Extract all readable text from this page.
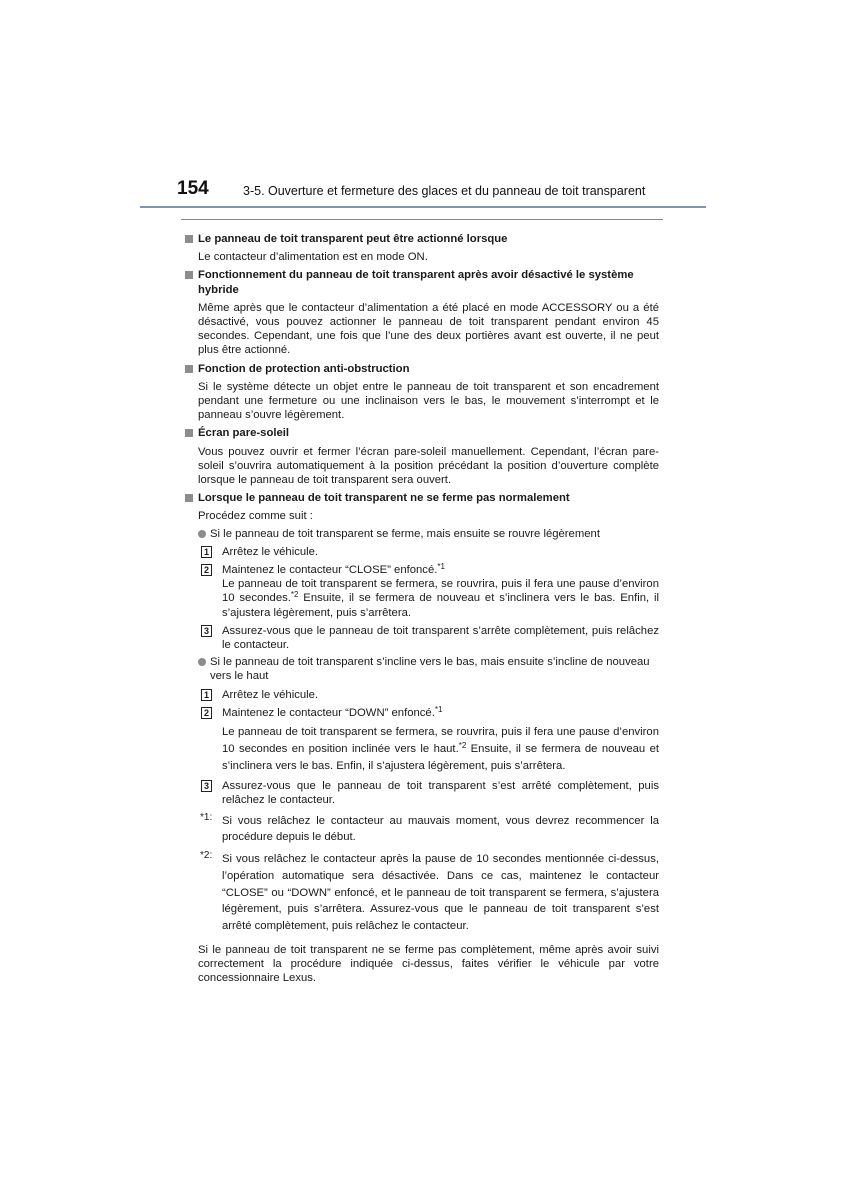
154	3-5. Ouverture et fermeture des glaces et du panneau de toit transparent
Le panneau de toit transparent peut être actionné lorsque
Le contacteur d’alimentation est en mode ON.
Fonctionnement du panneau de toit transparent après avoir désactivé le système hybride
Même après que le contacteur d’alimentation a été placé en mode ACCESSORY ou a été désactivé, vous pouvez actionner le panneau de toit transparent pendant environ 45 secondes. Cependant, une fois que l’une des deux portières avant est ouverte, il ne peut plus être actionné.
Fonction de protection anti-obstruction
Si le système détecte un objet entre le panneau de toit transparent et son encadrement pendant une fermeture ou une inclinaison vers le bas, le mouvement s’interrompt et le panneau s’ouvre légèrement.
Écran pare-soleil
Vous pouvez ouvrir et fermer l’écran pare-soleil manuellement. Cependant, l’écran pare-soleil s’ouvrira automatiquement à la position précédant la position d’ouverture complète lorsque le panneau de toit transparent sera ouvert.
Lorsque le panneau de toit transparent ne se ferme pas normalement
Procédez comme suit :
Si le panneau de toit transparent se ferme, mais ensuite se rouvre légèrement
1 Arrêtez le véhicule.
2 Maintenez le contacteur “CLOSE” enfoncé.$^{*1}$
Le panneau de toit transparent se fermera, se rouvrira, puis il fera une pause d’environ 10 secondes.$^{*2}$ Ensuite, il se fermera de nouveau et s’inclinera vers le bas. Enfin, il s’ajustera légèrement, puis s’arrêtera.
3 Assurez-vous que le panneau de toit transparent s’arrête complètement, puis relâchez le contacteur.
Si le panneau de toit transparent s’incline vers le bas, mais ensuite s’incline de nouveau vers le haut
1 Arrêtez le véhicule.
2 Maintenez le contacteur “DOWN” enfoncé.$^{*1}$
Le panneau de toit transparent se fermera, se rouvrira, puis il fera une pause d’environ 10 secondes en position inclinée vers le haut.$^{*2}$ Ensuite, il se fermera de nouveau et s’inclinera vers le bas. Enfin, il s’ajustera légèrement, puis s’arrêtera.
3 Assurez-vous que le panneau de toit transparent s’est arrêté complètement, puis relâchez le contacteur.
*1: Si vous relâchez le contacteur au mauvais moment, vous devrez recommencer la procédure depuis le début.
*2: Si vous relâchez le contacteur après la pause de 10 secondes mentionnée ci-dessus, l’opération automatique sera désactivée. Dans ce cas, maintenez le contacteur “CLOSE” ou “DOWN” enfoncé, et le panneau de toit transparent se fermera, s’ajustera légèrement, puis s’arrêtera. Assurez-vous que le panneau de toit transparent s’est arrêté complètement, puis relâchez le contacteur.
Si le panneau de toit transparent ne se ferme pas complètement, même après avoir suivi correctement la procédure indiquée ci-dessus, faites vérifier le véhicule par votre concessionnaire Lexus.
